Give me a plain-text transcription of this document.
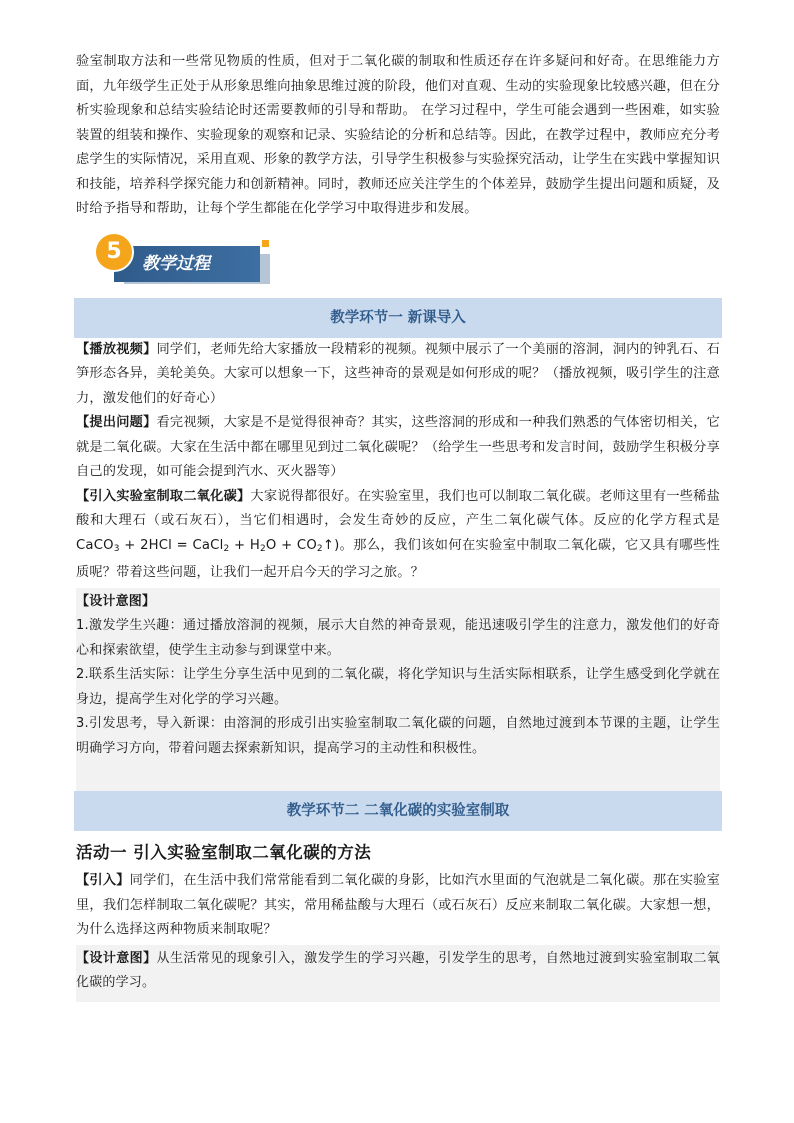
验室制取方法和一些常见物质的性质，但对于二氧化碳的制取和性质还存在许多疑问和好奇。在思维能力方面，九年级学生正处于从形象思维向抽象思维过渡的阶段，他们对直观、生动的实验现象比较感兴趣，但在分析实验现象和总结实验结论时还需要教师的引导和帮助。 在学习过程中，学生可能会遇到一些困难，如实验装置的组装和操作、实验现象的观察和记录、实验结论的分析和总结等。因此，在教学过程中，教师应充分考虑学生的实际情况，采用直观、形象的教学方法，引导学生积极参与实验探究活动，让学生在实践中掌握知识和技能，培养科学探究能力和创新精神。同时，教师还应关注学生的个体差异，鼓励学生提出问题和质疑，及时给予指导和帮助，让每个学生都能在化学学习中取得进步和发展。

教学过程
5
教学环节一 新课导入

【播放视频】同学们，老师先给大家播放一段精彩的视频。视频中展示了一个美丽的溶洞，洞内的钟乳石、石笋形态各异，美轮美奂。大家可以想象一下，这些神奇的景观是如何形成的呢？（播放视频，吸引学生的注意力，激发他们的好奇心）

【提出问题】看完视频，大家是不是觉得很神奇？其实，这些溶洞的形成和一种我们熟悉的气体密切相关，它就是二氧化碳。大家在生活中都在哪里见到过二氧化碳呢？（给学生一些思考和发言时间，鼓励学生积极分享自己的发现，如可能会提到汽水、灭火器等）

【引入实验室制取二氧化碳】大家说得都很好。在实验室里，我们也可以制取二氧化碳。老师这里有一些稀盐酸和大理石（或石灰石），当它们相遇时，会发生奇妙的反应，产生二氧化碳气体。反应的化学方程式是 CaCO$_3$ + 2HCl = CaCl$_2$ + $H_2O$ + $CO_2↑$)。那么，我们该如何在实验室中制取二氧化碳，它又具有哪些性质呢？带着这些问题，让我们一起开启今天的学习之旅。？

【设计意图】

1.激发学生兴趣：通过播放溶洞的视频，展示大自然的神奇景观，能迅速吸引学生的注意力，激发他们的好奇心和探索欲望，使学生主动参与到课堂中来。

2.联系生活实际：让学生分享生活中见到的二氧化碳，将化学知识与生活实际相联系，让学生感受到化学就在身边，提高学生对化学的学习兴趣。

3.引发思考，导入新课：由溶洞的形成引出实验室制取二氧化碳的问题，自然地过渡到本节课的主题，让学生明确学习方向，带着问题去探索新知识，提高学习的主动性和积极性。

教学环节二 二氧化碳的实验室制取
活动一 引入实验室制取二氧化碳的方法

【引入】同学们，在生活中我们常常能看到二氧化碳的身影，比如汽水里面的气泡就是二氧化碳。那在实验室里，我们怎样制取二氧化碳呢？其实，常用稀盐酸与大理石（或石灰石）反应来制取二氧化碳。大家想一想，为什么选择这两种物质来制取呢？

【设计意图】从生活常见的现象引入，激发学生的学习兴趣，引发学生的思考，自然地过渡到实验室制取二氧化碳的学习。
